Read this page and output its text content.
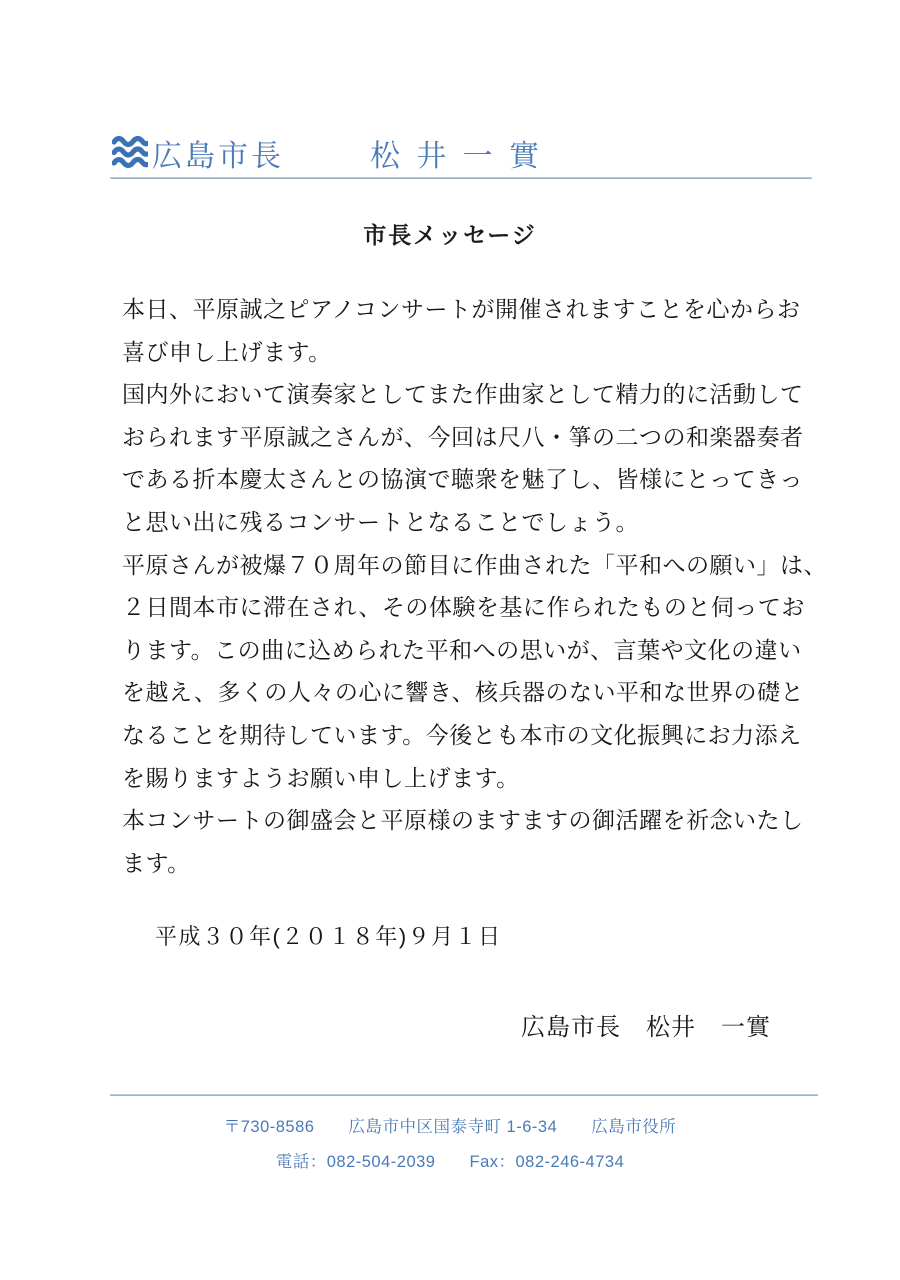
広島市長	松 井 一 實
市長メッセージ

本日、平原誠之ピアノコンサートが開催されますことを心からお

喜び申し上げます。

国内外において演奏家としてまた作曲家として精力的に活動して

おられます平原誠之さんが、今回は尺八・箏の二つの和楽器奏者

である折本慶太さんとの協演で聴衆を魅了し、皆様にとってきっ

と思い出に残るコンサートとなることでしょう。

平原さんが被爆７０周年の節目に作曲された「平和への願い」は、

２日間本市に滞在され、その体験を基に作られたものと伺ってお

ります。この曲に込められた平和への思いが、言葉や文化の違い

を越え、多くの人々の心に響き、核兵器のない平和な世界の礎と

なることを期待しています。今後とも本市の文化振興にお力添え

を賜りますようお願い申し上げます。

本コンサートの御盛会と平原様のますますの御活躍を祈念いたし

ます。

平成３０年(２０１８年)９月１日
広島市長　松井　一實
〒730-8586　　広島市中区国泰寺町 1-6-34　　広島市役所
電話：082-504-2039　　Fax：082-246-4734
